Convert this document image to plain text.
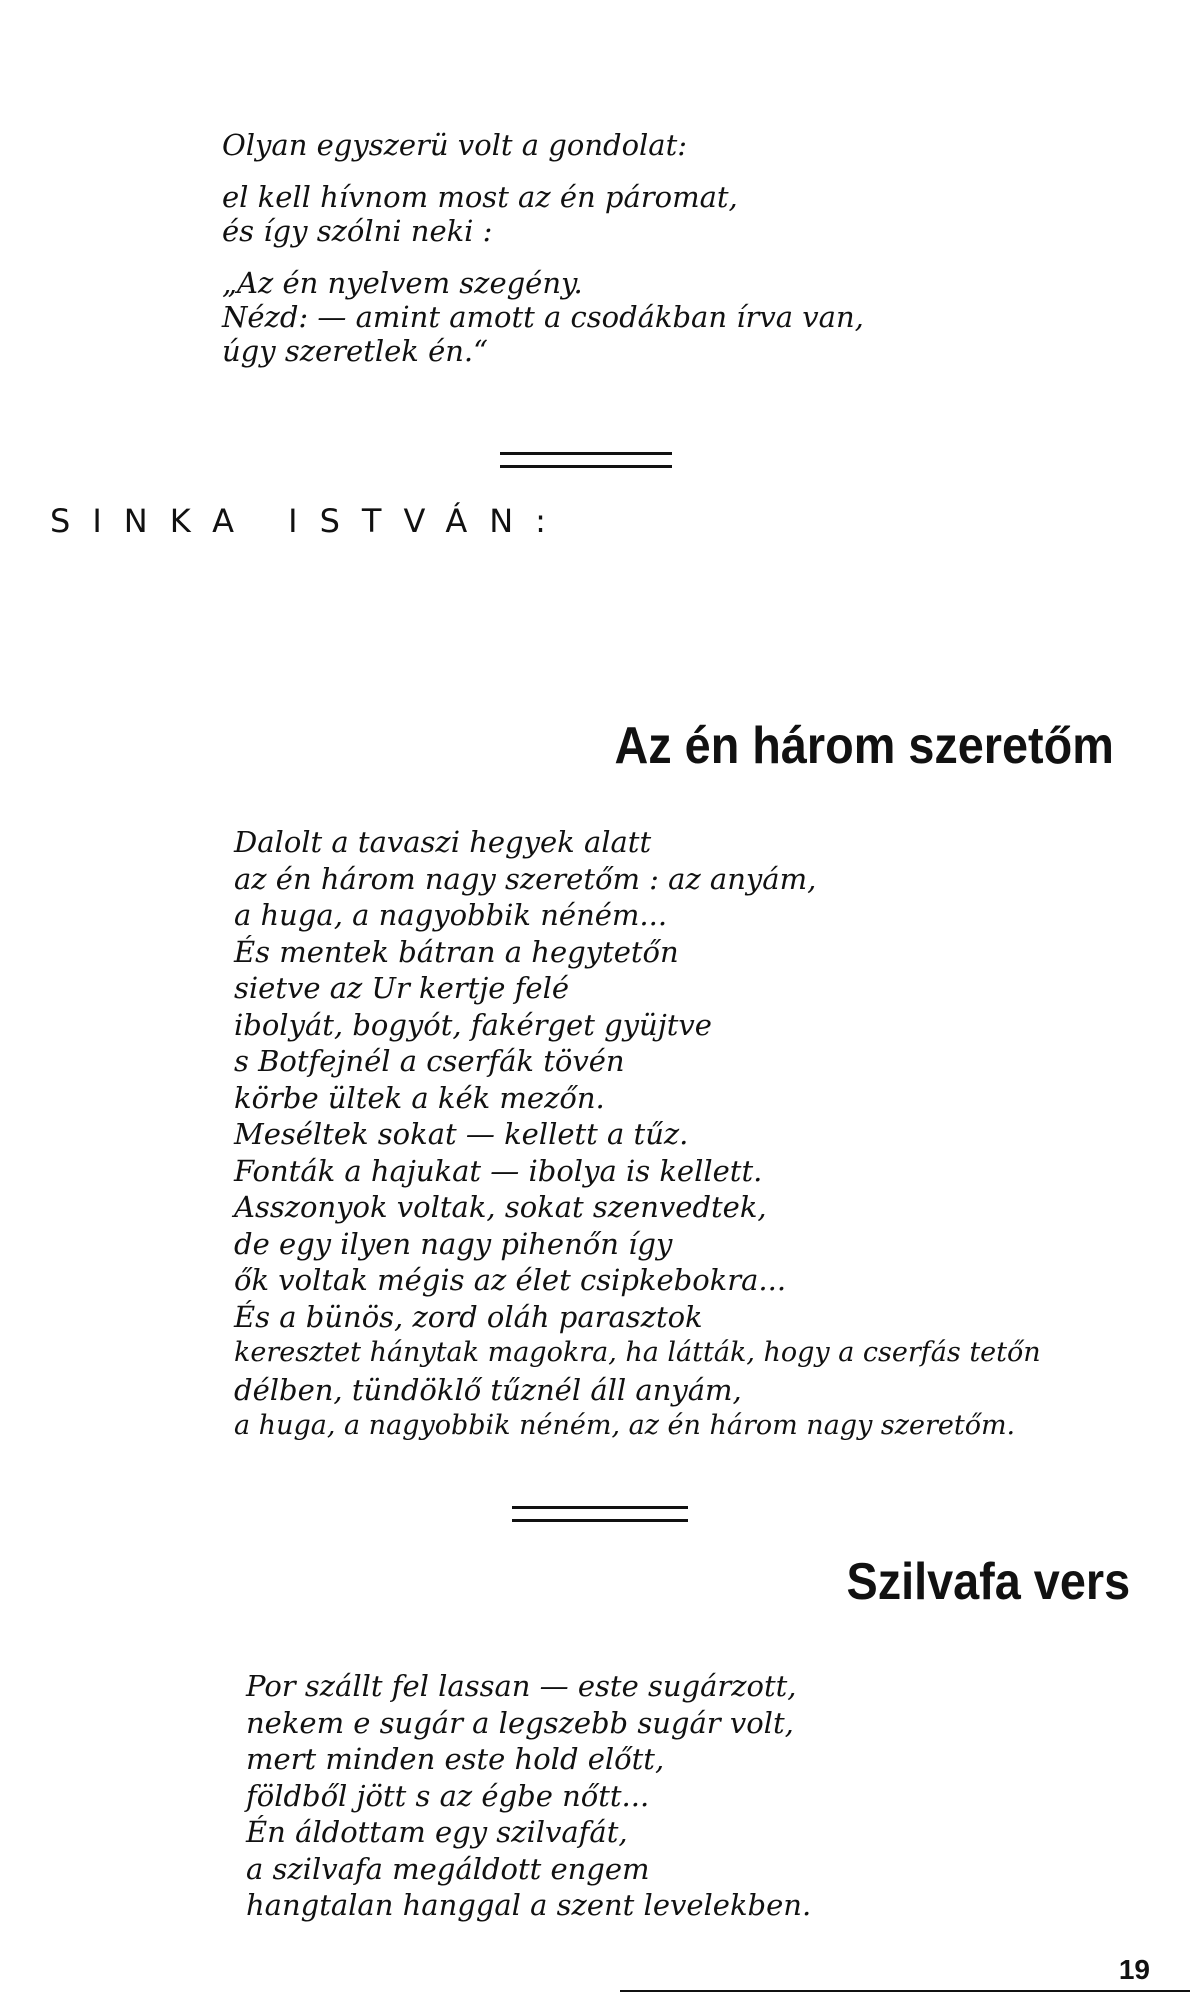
Olyan egyszerü volt a gondolat:
el kell hívnom most az én páromat,
és így szólni neki :
„Az én nyelvem szegény.
Nézd: — amint amott a csodákban írva van,
úgy szeretlek én.“
SINKA ISTVÁN:
Az én három szeretőm
Dalolt a tavaszi hegyek alatt
az én három nagy szeretőm : az anyám,
a huga, a nagyobbik néném...
És mentek bátran a hegytetőn
sietve az Ur kertje felé
ibolyát, bogyót, fakérget gyüjtve
s Botfejnél a cserfák tövén
körbe ültek a kék mezőn.
Meséltek sokat — kellett a tűz.
Fonták a hajukat — ibolya is kellett.
Asszonyok voltak, sokat szenvedtek,
de egy ilyen nagy pihenőn így
ők voltak mégis az élet csipkebokra...
És a bünös, zord oláh parasztok
keresztet hánytak magokra, ha látták, hogy a cserfás tetőn
délben, tündöklő tűznél áll anyám,
a huga, a nagyobbik néném, az én három nagy szeretőm.
Szilvafa vers
Por szállt fel lassan — este sugárzott,
nekem e sugár a legszebb sugár volt,
mert minden este hold előtt,
földből jött s az égbe nőtt...
Én áldottam egy szilvafát,
a szilvafa megáldott engem
hangtalan hanggal a szent levelekben.
19
